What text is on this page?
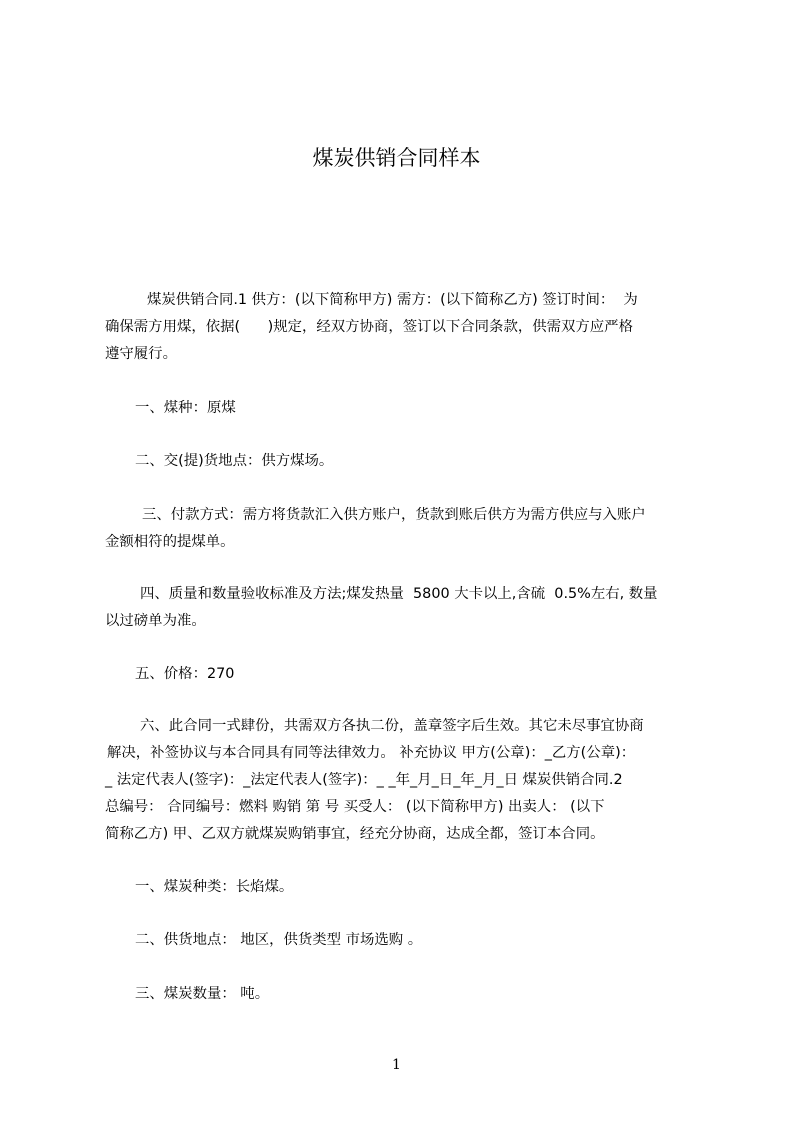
煤炭供销合同样本
煤炭供销合同.1 供方：(以下简称甲方) 需方：(以下简称乙方) 签订时间：  为
确保需方用煤，依据(      )规定，经双方协商，签订以下合同条款，供需双方应严格
遵守履行。
一、煤种：原煤
二、交(提)货地点：供方煤场。
三、付款方式：需方将货款汇入供方账户，货款到账后供方为需方供应与入账户
金额相符的提煤单。
四、质量和数量验收标准及方法;煤发热量  5800 大卡以上,含硫  0.5%左右, 数量
以过磅单为准。
五、价格：270
六、此合同一式肆份，共需双方各执二份，盖章签字后生效。其它未尽事宜协商
解决，补签协议与本合同具有同等法律效力。 补充协议 甲方(公章)：_乙方(公章)：
_ 法定代表人(签字)：_法定代表人(签字)：_ _年_月_日_年_月_日 煤炭供销合同.2
总编号： 合同编号：燃料 购销 第 号 买受人： (以下简称甲方) 出卖人： (以下
简称乙方) 甲、乙双方就煤炭购销事宜，经充分协商，达成全都，签订本合同。
一、煤炭种类：长焰煤。
二、供货地点： 地区，供货类型 市场选购 。
三、煤炭数量： 吨。
1
